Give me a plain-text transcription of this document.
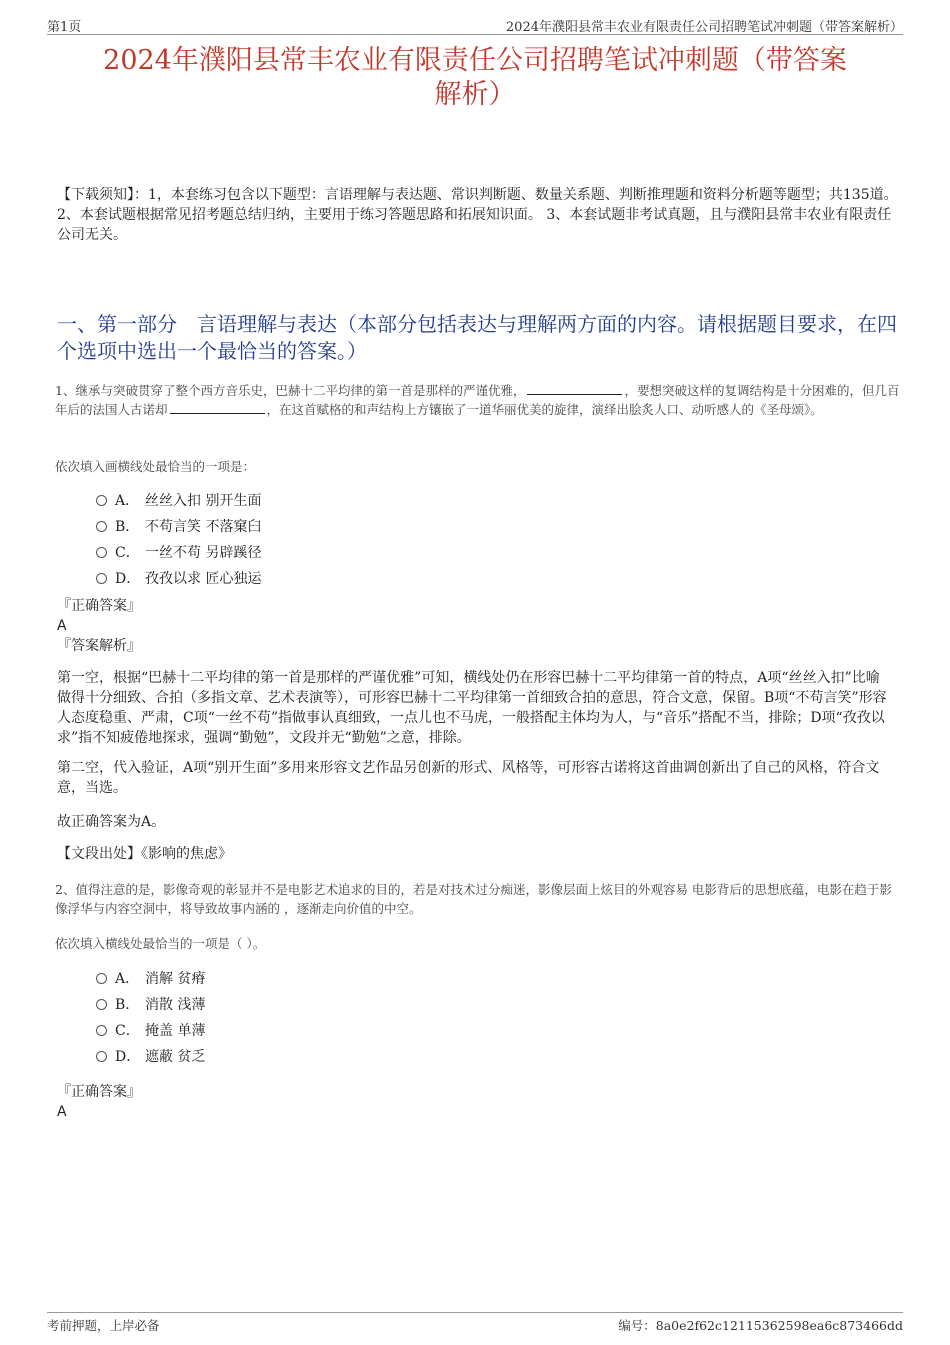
第1页	2024年濮阳县常丰农业有限责任公司招聘笔试冲刺题（带答案解析）
2024年濮阳县常丰农业有限责任公司招聘笔试冲刺题（带答案
解析）
【下载须知】：1，本套练习包含以下题型：言语理解与表达题、常识判断题、数量关系题、判断推理题和资料分析题等题型；共135道。 2、本套试题根据常见招考题总结归纳，主要用于练习答题思路和拓展知识面。 3、本套试题非考试真题，且与濮阳县常丰农业有限责任公司无关。
一、第一部分　言语理解与表达（本部分包括表达与理解两方面的内容。请根据题目要求，在四个选项中选出一个最恰当的答案。）
1、继承与突破贯穿了整个西方音乐史，巴赫十二平均律的第一首是那样的严谨优雅，	，要想突破这样的复调结构是十分困难的，但几百年后的法国人古诺却	，在这首赋格的和声结构上方镶嵌了一道华丽优美的旋律，演绎出脍炙人口、动听感人的《圣母颂》。
依次填入画横线处最恰当的一项是：
A． 丝丝入扣 别开生面
B． 不苟言笑 不落窠臼
C． 一丝不苟 另辟蹊径
D． 孜孜以求 匠心独运
『正确答案』
A
『答案解析』
第一空，根据“巴赫十二平均律的第一首是那样的严谨优雅”可知，横线处仍在形容巴赫十二平均律第一首的特点，A项“丝丝入扣”比喻做得十分细致、合拍（多指文章、艺术表演等），可形容巴赫十二平均律第一首细致合拍的意思，符合文意，保留。B项“不苟言笑”形容人态度稳重、严肃，C项“一丝不苟”指做事认真细致，一点儿也不马虎，一般搭配主体均为人，与“音乐”搭配不当，排除；D项“孜孜以求”指不知疲倦地探求，强调“勤勉”，文段并无“勤勉”之意，排除。
第二空，代入验证，A项“别开生面”多用来形容文艺作品另创新的形式、风格等，可形容古诺将这首曲调创新出了自己的风格，符合文意，当选。
故正确答案为A。
【文段出处】《影响的焦虑》
2、值得注意的是，影像奇观的彰显并不是电影艺术追求的目的，若是对技术过分痴迷，影像层面上炫目的外观容易 电影背后的思想底蕴，电影在趋于影像浮华与内容空洞中，将导致故事内涵的 ，逐渐走向价值的中空。
依次填入横线处最恰当的一项是（ ）。
A． 消解 贫瘠
B． 消散 浅薄
C． 掩盖 单薄
D． 遮蔽 贫乏
『正确答案』
A
考前押题，上岸必备	编号：8a0e2f62c12115362598ea6c873466dd
